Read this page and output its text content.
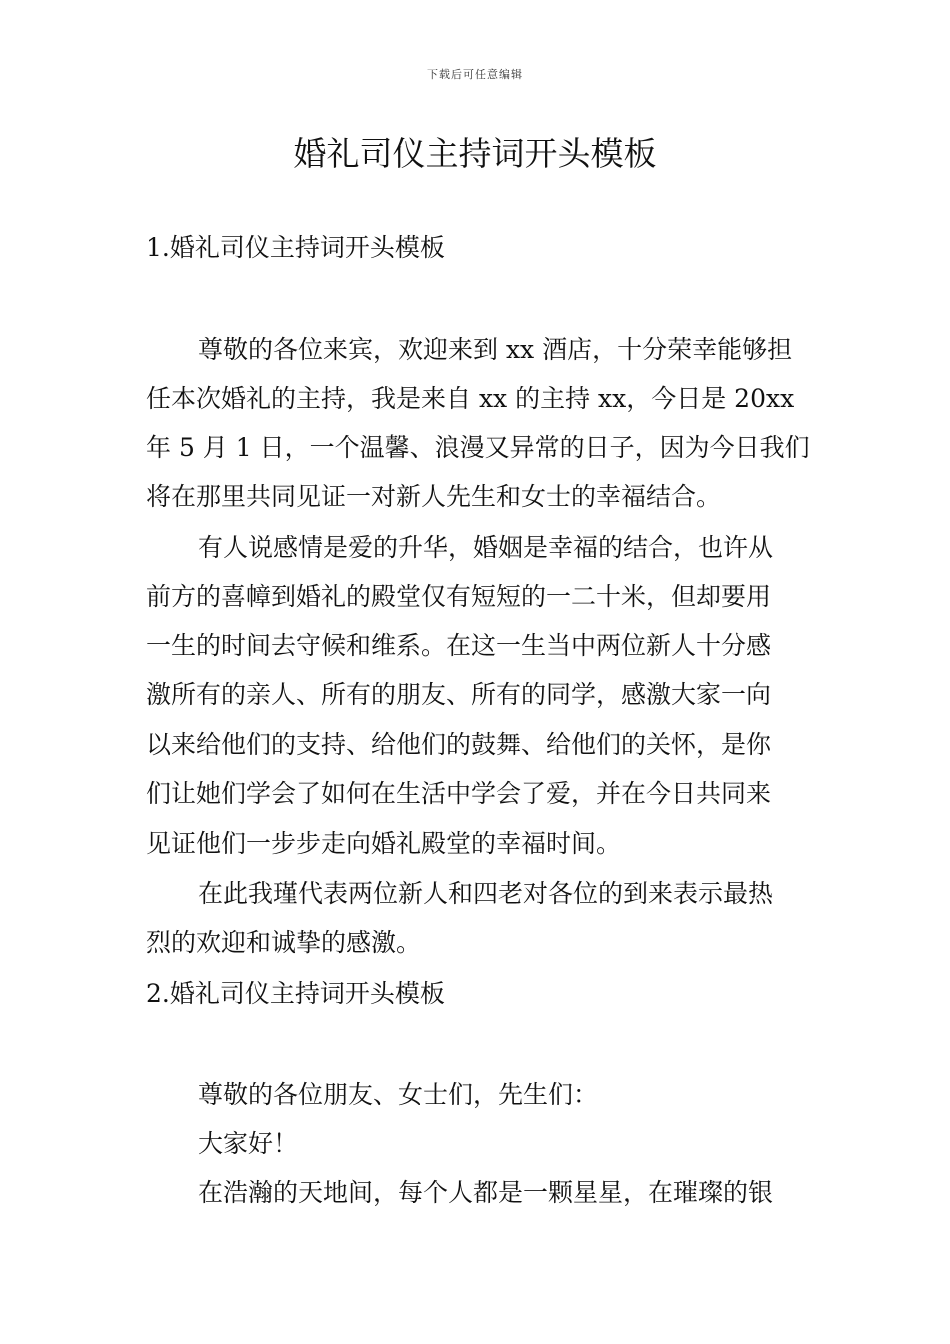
下载后可任意编辑
婚礼司仪主持词开头模板
1.婚礼司仪主持词开头模板
尊敬的各位来宾，欢迎来到 xx 酒店，十分荣幸能够担
任本次婚礼的主持，我是来自 xx 的主持 xx，今日是 20xx
年 5 月 1 日，一个温馨、浪漫又异常的日子，因为今日我们
将在那里共同见证一对新人先生和女士的幸福结合。
有人说感情是爱的升华，婚姻是幸福的结合，也许从
前方的喜幛到婚礼的殿堂仅有短短的一二十米，但却要用
一生的时间去守候和维系。在这一生当中两位新人十分感
激所有的亲人、所有的朋友、所有的同学，感激大家一向
以来给他们的支持、给他们的鼓舞、给他们的关怀，是你
们让她们学会了如何在生活中学会了爱，并在今日共同来
见证他们一步步走向婚礼殿堂的幸福时间。
在此我瑾代表两位新人和四老对各位的到来表示最热
烈的欢迎和诚挚的感激。
2.婚礼司仪主持词开头模板
尊敬的各位朋友、女士们，先生们：
大家好！
在浩瀚的天地间，每个人都是一颗星星，在璀璨的银
